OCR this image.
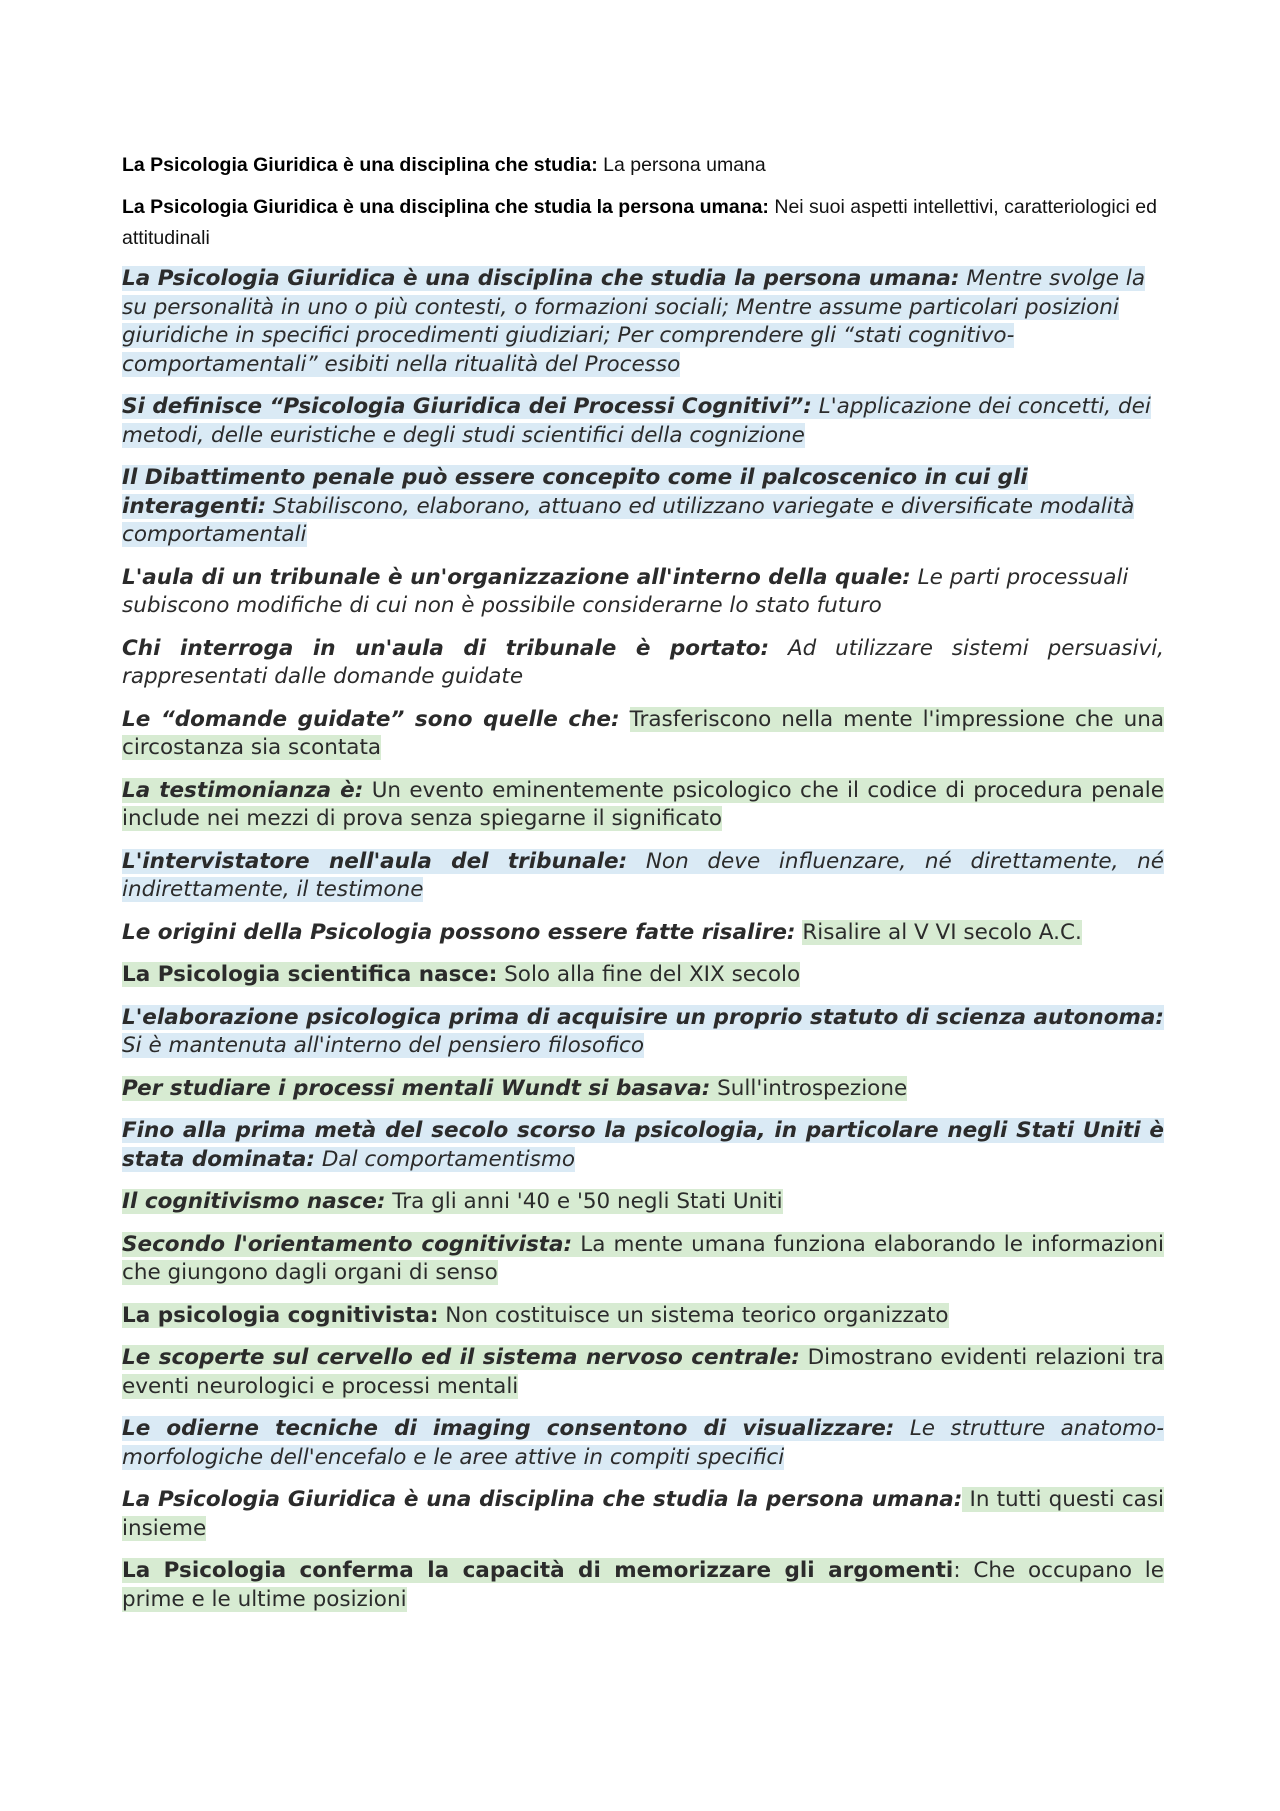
La Psicologia Giuridica è una disciplina che studia: La persona umana

La Psicologia Giuridica è una disciplina che studia la persona umana: Nei suoi aspetti intellettivi, caratteriologici ed attitudinali

La Psicologia Giuridica è una disciplina che studia la persona umana: Mentre svolge la su personalità in uno o più contesti, o formazioni sociali; Mentre assume particolari posizioni giuridiche in specifici procedimenti giudiziari; Per comprendere gli “stati cognitivo-comportamentali” esibiti nella ritualità del Processo

Si definisce “Psicologia Giuridica dei Processi Cognitivi”: L'applicazione dei concetti, dei metodi, delle euristiche e degli studi scientifici della cognizione

Il Dibattimento penale può essere concepito come il palcoscenico in cui gli interagenti: Stabiliscono, elaborano, attuano ed utilizzano variegate e diversificate modalità comportamentali

L'aula di un tribunale è un'organizzazione all'interno della quale: Le parti processuali subiscono modifiche di cui non è possibile considerarne lo stato futuro

Chi interroga in un'aula di tribunale è portato: Ad utilizzare sistemi persuasivi, rappresentati dalle domande guidate

Le “domande guidate” sono quelle che: Trasferiscono nella mente l'impressione che una circostanza sia scontata

La testimonianza è: Un evento eminentemente psicologico che il codice di procedura penale include nei mezzi di prova senza spiegarne il significato

L'intervistatore nell'aula del tribunale: Non deve influenzare, né direttamente, né indirettamente, il testimone

Le origini della Psicologia possono essere fatte risalire: Risalire al V VI secolo A.C.

La Psicologia scientifica nasce: Solo alla fine del XIX secolo

L'elaborazione psicologica prima di acquisire un proprio statuto di scienza autonoma: Si è mantenuta all'interno del pensiero filosofico

Per studiare i processi mentali Wundt si basava: Sull'introspezione

Fino alla prima metà del secolo scorso la psicologia, in particolare negli Stati Uniti è stata dominata: Dal comportamentismo

Il cognitivismo nasce: Tra gli anni '40 e '50 negli Stati Uniti

Secondo l'orientamento cognitivista: La mente umana funziona elaborando le informazioni che giungono dagli organi di senso

La psicologia cognitivista: Non costituisce un sistema teorico organizzato

Le scoperte sul cervello ed il sistema nervoso centrale: Dimostrano evidenti relazioni tra eventi neurologici e processi mentali

Le odierne tecniche di imaging consentono di visualizzare: Le strutture anatomo-morfologiche dell'encefalo e le aree attive in compiti specifici

La Psicologia Giuridica è una disciplina che studia la persona umana: In tutti questi casi insieme

La Psicologia conferma la capacità di memorizzare gli argomenti: Che occupano le prime e le ultime posizioni
